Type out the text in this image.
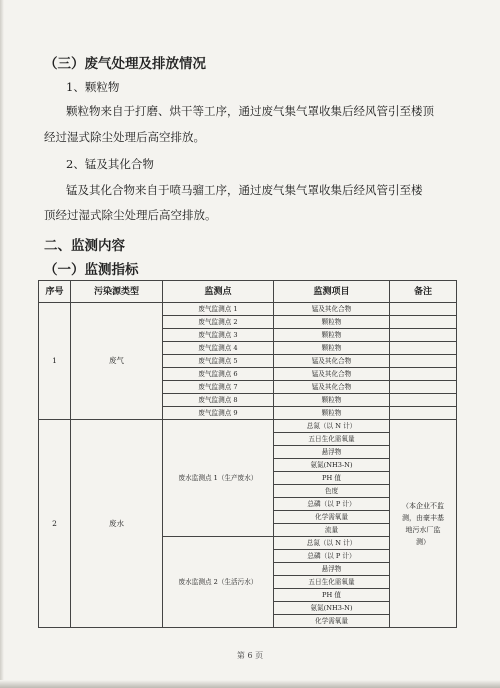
（三）废气处理及排放情况
1、颗粒物
颗粒物来自于打磨、烘干等工序，通过废气集气罩收集后经风管引至楼顶
经过湿式除尘处理后高空排放。
2、锰及其化合物
锰及其化合物来自于喷马骝工序，通过废气集气罩收集后经风管引至楼
顶经过湿式除尘处理后高空排放。
二、监测内容
（一）监测指标
序号	污染源类型	监测点	监测项目	备注
1	废气	废气监测点 1	锰及其化合物	
		废气监测点 2	颗粒物	
		废气监测点 3	颗粒物	
		废气监测点 4	颗粒物	
		废气监测点 5	锰及其化合物	
		废气监测点 6	锰及其化合物	
		废气监测点 7	锰及其化合物	
		废气监测点 8	颗粒物	
		废气监测点 9	颗粒物	
2	废水	废水监测点 1（生产废水）	总氮（以 N 计）	（本企业不监
测，由豪丰基
地污水厂监
测）
			五日生化需氧量	
			悬浮物	
			氨氮(NH3-N)	
			PH 值	
			色度	
			总磷（以 P 计）	
			化学需氧量	
			流量	
		废水监测点 2（生活污水）	总氮（以 N 计）	
			总磷（以 P 计）	
			悬浮物	
			五日生化需氧量	
			PH 值	
			氨氮(NH3-N)	
			化学需氧量	
第 6 页
